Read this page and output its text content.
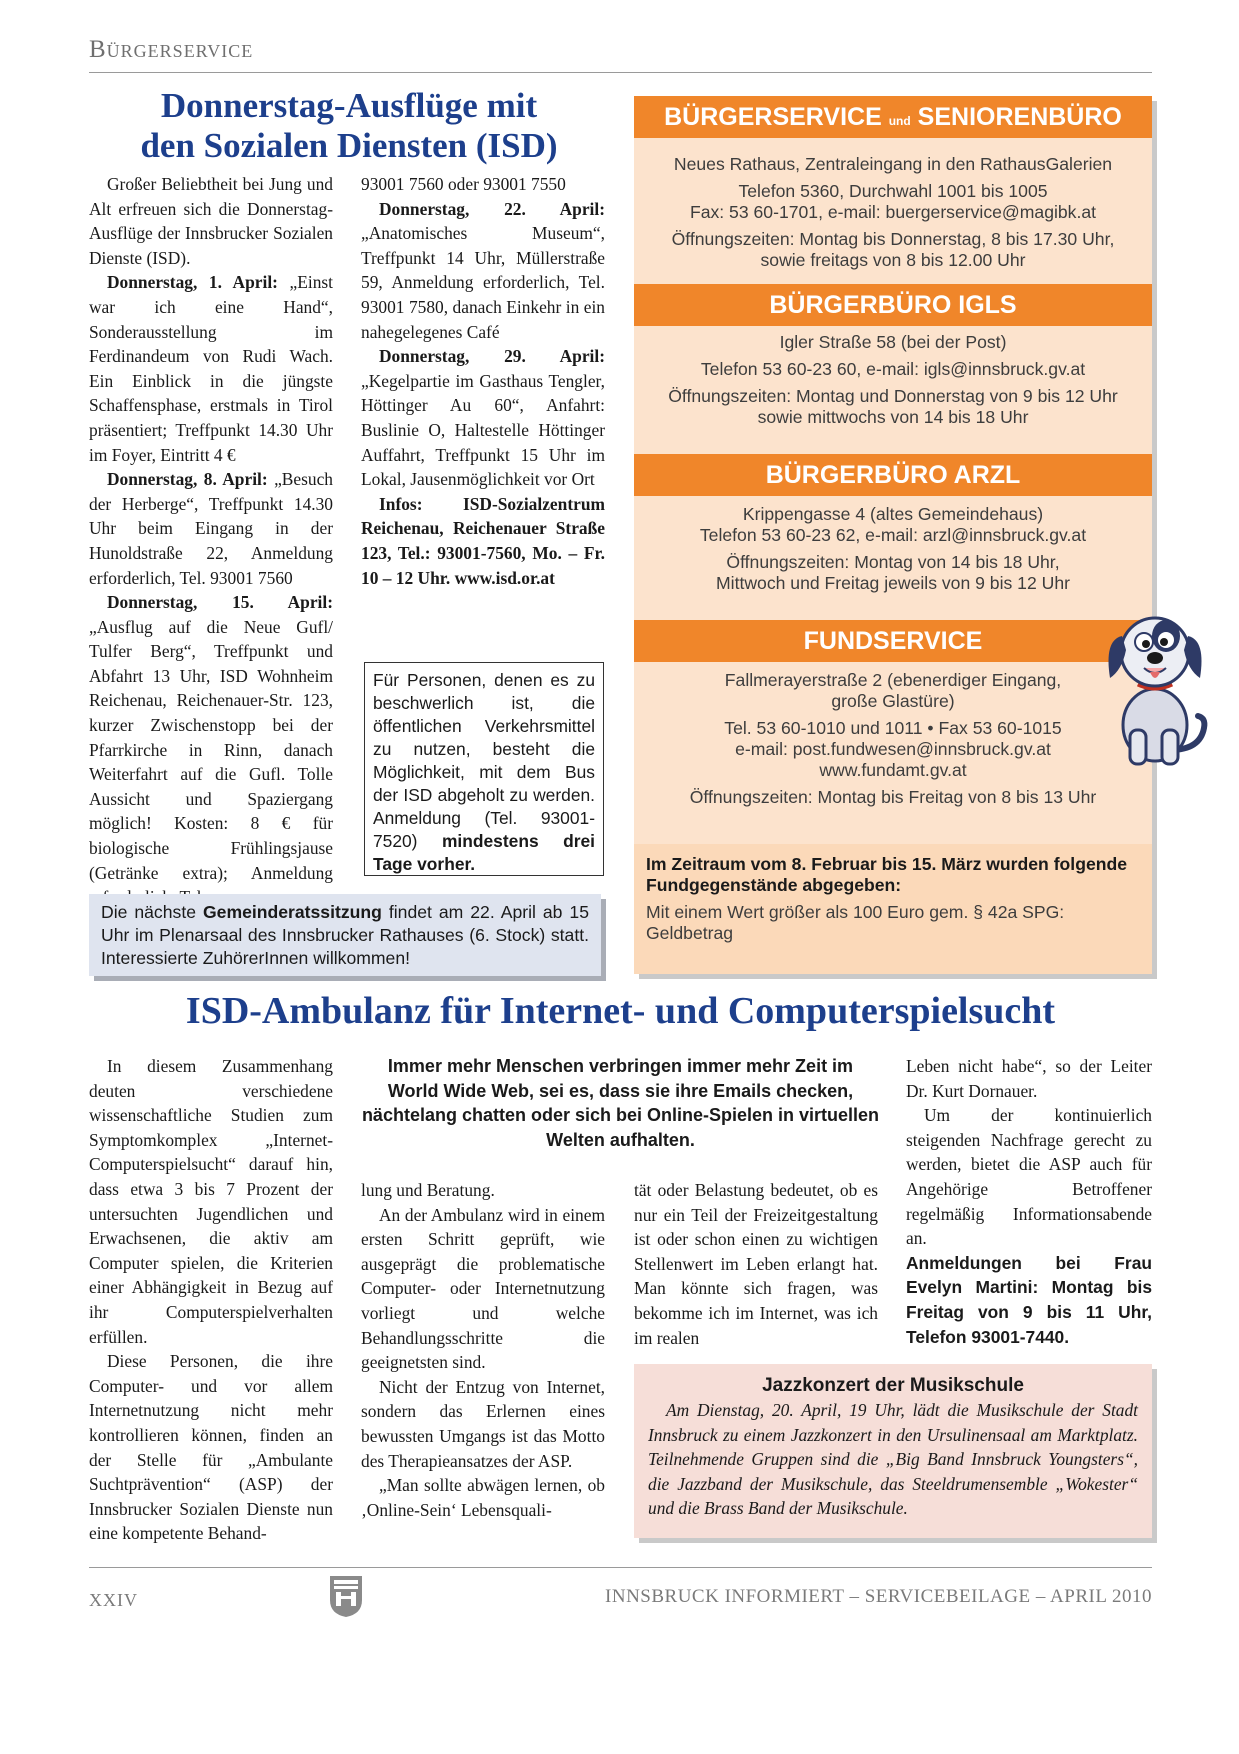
Bürgerservice
Donnerstag-Ausflüge mit
den Sozialen Diensten (ISD)

Großer Beliebtheit bei Jung und Alt erfreuen sich die Donnerstag-Ausflüge der Innsbrucker Sozialen Dienste (ISD).

Donnerstag, 1. April: „Einst war ich eine Hand“, Sonderausstellung im Ferdinandeum von Rudi Wach. Ein Einblick in die jüngste Schaffensphase, erstmals in Tirol präsentiert; Treffpunkt 14.30 Uhr im Foyer, Eintritt 4 €

Donnerstag, 8. April: „Besuch der Herberge“, Treffpunkt 14.30 Uhr beim Eingang in der Hunoldstraße 22, Anmeldung erforderlich, Tel. 93001 7560

Donnerstag, 15. April: „Ausflug auf die Neue Gufl/ Tulfer Berg“, Treffpunkt und Abfahrt 13 Uhr, ISD Wohnheim Reichenau, Reichenauer-Str. 123, kurzer Zwischenstopp bei der Pfarrkirche in Rinn, danach Weiterfahrt auf die Gufl. Tolle Aussicht und Spaziergang möglich! Kosten: 8 € für biologische Frühlingsjause (Getränke extra); Anmeldung

93001 7560 oder 93001 7550

Donnerstag, 22. April: „Anatomisches Museum“, Treffpunkt 14 Uhr, Müllerstraße 59, Anmeldung erforderlich, Tel. 93001 7580, danach Einkehr in ein nahegelegenes Café

Donnerstag, 29. April: „Kegelpartie im Gasthaus Tengler, Höttinger Au 60“, Anfahrt: Buslinie O, Haltestelle Höttinger Auffahrt, Treffpunkt 15 Uhr im Lokal, Jausenmöglichkeit vor Ort

Infos: ISD-Sozialzentrum Reichenau, Reichenauer Straße 123, Tel.: 93001-7560, Mo. – Fr. 10 – 12 Uhr. www.isd.or.at

Für Personen, denen es zu beschwerlich ist, die öffentlichen Verkehrsmittel zu nutzen, besteht die Möglichkeit, mit dem Bus der ISD abgeholt zu werden. Anmeldung (Tel. 93001-7520) mindestens drei Tage vorher.
Die nächste Gemeinderatssitzung findet am 22. April ab 15 Uhr im Plenarsaal des Innsbrucker Rathauses (6. Stock) statt. Interessierte ZuhörerInnen willkommen!
BÜRGERSERVICE und SENIORENBÜRO
Neues Rathaus, Zentraleingang in den RathausGalerien
Telefon 5360, Durchwahl 1001 bis 1005
Fax: 53 60-1701, e-mail: buergerservice@magibk.at
Öffnungszeiten: Montag bis Donnerstag, 8 bis 17.30 Uhr,
sowie freitags von 8 bis 12.00 Uhr
BÜRGERBÜRO IGLS
Igler Straße 58 (bei der Post)
Telefon 53 60-23 60, e-mail: igls@innsbruck.gv.at
Öffnungszeiten: Montag und Donnerstag von 9 bis 12 Uhr
sowie mittwochs von 14 bis 18 Uhr
BÜRGERBÜRO ARZL
Krippengasse 4 (altes Gemeindehaus)
Telefon 53 60-23 62, e-mail: arzl@innsbruck.gv.at
Öffnungszeiten: Montag von 14 bis 18 Uhr,
Mittwoch und Freitag jeweils von 9 bis 12 Uhr
FUNDSERVICE
Fallmerayerstraße 2 (ebenerdiger Eingang,
große Glastüre)
Tel. 53 60-1010 und 1011 • Fax 53 60-1015
e-mail: post.fundwesen@innsbruck.gv.at
www.fundamt.gv.at
Öffnungszeiten: Montag bis Freitag von 8 bis 13 Uhr
Im Zeitraum vom 8. Februar bis 15. März wurden folgende Fundgegenstände abgegeben:
Mit einem Wert größer als 100 Euro gem. § 42a SPG: Geldbetrag
ISD-Ambulanz für Internet- und Computerspielsucht

In diesem Zusammenhang deuten verschiedene wissenschaftliche Studien zum Symptomkomplex „Internet-Computerspielsucht“ darauf hin, dass etwa 3 bis 7 Prozent der untersuchten Jugendlichen und Erwachsenen, die aktiv am Computer spielen, die Kriterien einer Abhängigkeit in Bezug auf ihr Computerspielverhalten erfüllen.

Diese Personen, die ihre Computer- und vor allem Internetnutzung nicht mehr kontrollieren können, finden an der Stelle für „Ambulante Suchtprävention“ (ASP) der Innsbrucker Sozialen Dienste nun eine kompetente Behand-

Immer mehr Menschen verbringen immer mehr Zeit im World Wide Web, sei es, dass sie ihre Emails checken, nächtelang chatten oder sich bei Online-Spielen in virtuellen Welten aufhalten.

lung und Beratung.

An der Ambulanz wird in einem ersten Schritt geprüft, wie ausgeprägt die problematische Computer- oder Internetnutzung vorliegt und welche Behandlungsschritte die geeignetsten sind.

Nicht der Entzug von Internet, sondern das Erlernen eines bewussten Umgangs ist das Motto des Therapieansatzes der ASP.

„Man sollte abwägen lernen, ob ‚Online-Sein‘ Lebensquali-

tät oder Belastung bedeutet, ob es nur ein Teil der Freizeitgestaltung ist oder schon einen zu wichtigen Stellenwert im Leben erlangt hat. Man könnte sich fragen, was bekomme ich im Internet, was ich im realen

Leben nicht habe“, so der Leiter Dr. Kurt Dornauer.

Um der kontinuierlich steigenden Nachfrage gerecht zu werden, bietet die ASP auch für Angehörige Betroffener regelmäßig Informationsabende an.

Anmeldungen bei Frau Evelyn Martini: Montag bis Freitag von 9 bis 11 Uhr, Telefon 93001-7440.

Jazzkonzert der Musikschule
Am Dienstag, 20. April, 19 Uhr, lädt die Musikschule der Stadt Innsbruck zu einem Jazzkonzert in den Ursulinensaal am Marktplatz. Teilnehmende Gruppen sind die „Big Band Innsbruck Youngsters“, die Jazzband der Musikschule, das Steeldrumensemble „Wokester“ und die Brass Band der Musikschule.
XXIV	INNSBRUCK INFORMIERT – SERVICEBEILAGE – APRIL 2010
